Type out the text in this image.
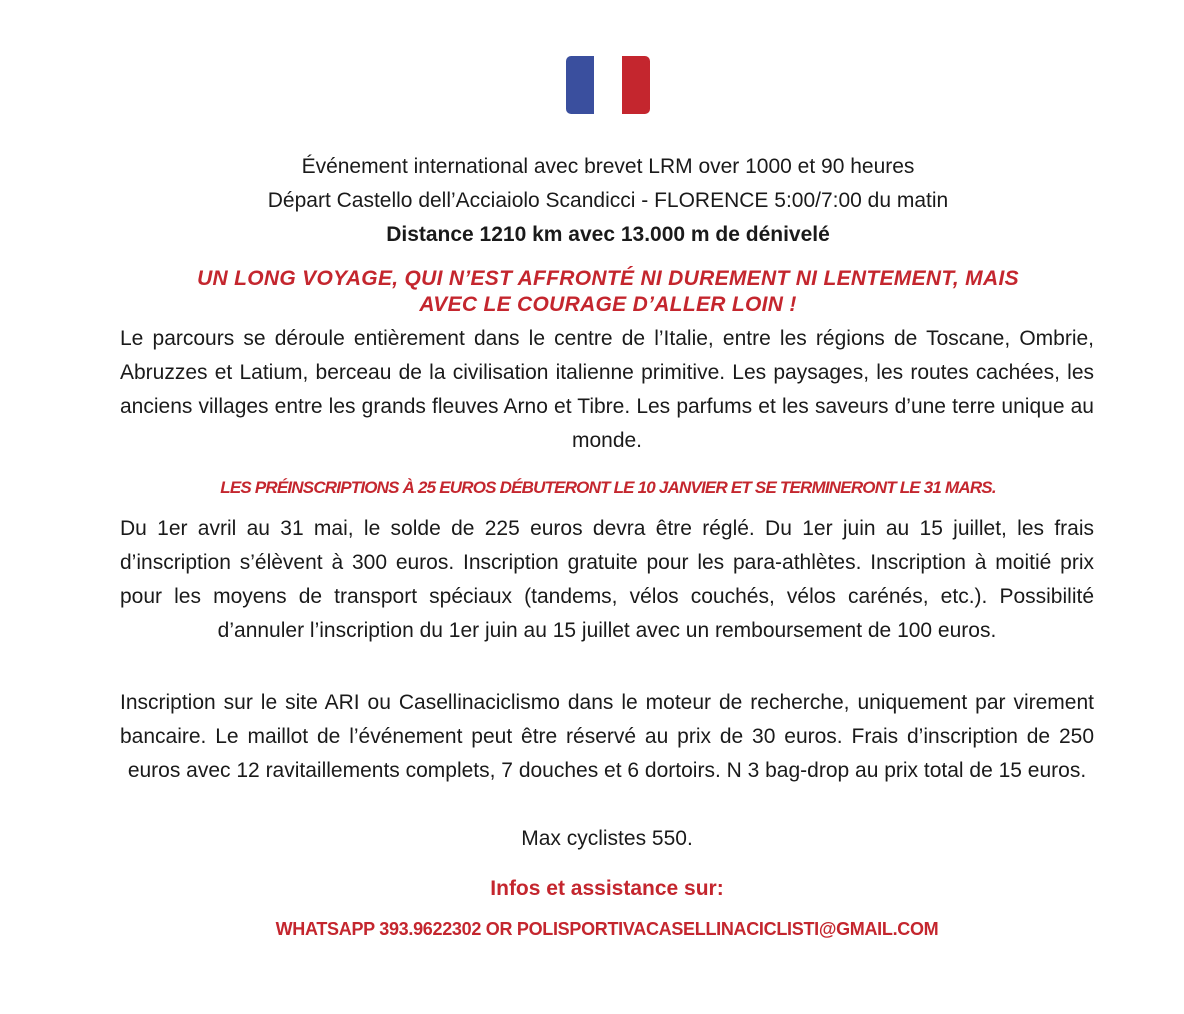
Événement international avec brevet LRM over 1000 et 90 heures
Départ Castello dell’Acciaiolo Scandicci - FLORENCE 5:00/7:00 du matin
Distance 1210 km avec 13.000 m de dénivelé
UN LONG VOYAGE, QUI N’EST AFFRONTÉ NI DUREMENT NI LENTEMENT, MAIS
AVEC LE COURAGE D’ALLER LOIN !
Le parcours se déroule entièrement dans le centre de l’Italie, entre les régions de Toscane, Ombrie, Abruzzes et Latium, berceau de la civilisation italienne primitive. Les paysages, les routes cachées, les anciens villages entre les grands fleuves Arno et Tibre. Les parfums et les saveurs d’une terre unique au monde.
LES PRÉINSCRIPTIONS À 25 EUROS DÉBUTERONT LE 10 JANVIER ET SE TERMINERONT LE 31 MARS.
Du 1er avril au 31 mai, le solde de 225 euros devra être réglé. Du 1er juin au 15 juillet, les frais d’inscription s’élèvent à 300 euros. Inscription gratuite pour les para-athlètes. Inscription à moitié prix pour les moyens de transport spéciaux (tandems, vélos couchés, vélos carénés, etc.). Possibilité d’annuler l’inscription du 1er juin au 15 juillet avec un remboursement de 100 euros.
Inscription sur le site ARI ou Casellinaciclismo dans le moteur de recherche, uniquement par virement bancaire. Le maillot de l’événement peut être réservé au prix de 30 euros. Frais d’inscription de 250 euros avec 12 ravitaillements complets, 7 douches et 6 dortoirs. N 3 bag-drop au prix total de 15 euros.
Max cyclistes 550.
Infos et assistance sur:
WHATSAPP 393.9622302 OR POLISPORTIVACASELLINACICLISTI@GMAIL.COM
